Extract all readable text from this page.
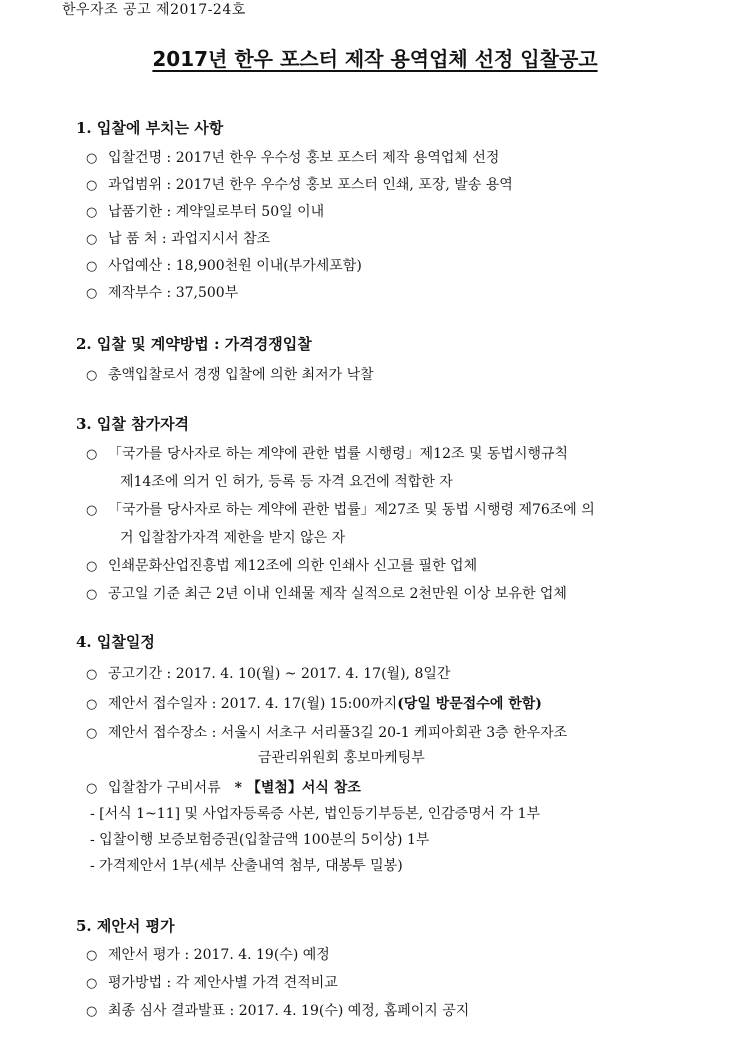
한우자조 공고 제2017-24호
2017년 한우 포스터 제작 용역업체 선정 입찰공고
1. 입찰에 부치는 사항
○ 입찰건명 : 2017년 한우 우수성 홍보 포스터 제작 용역업체 선정
○ 과업범위 : 2017년 한우 우수성 홍보 포스터 인쇄, 포장, 발송 용역
○ 납품기한 : 계약일로부터 50일 이내
○ 납 품 처 : 과업지시서 참조
○ 사업예산 : 18,900천원 이내(부가세포함)
○ 제작부수 : 37,500부
2. 입찰 및 계약방법 : 가격경쟁입찰
○ 총액입찰로서 경쟁 입찰에 의한 최저가 낙찰
3. 입찰 참가자격
○ 「국가를 당사자로 하는 계약에 관한 법률 시행령」제12조 및 동법시행규칙
제14조에 의거 인 허가, 등록 등 자격 요건에 적합한 자
○ 「국가를 당사자로 하는 계약에 관한 법률」제27조 및 동법 시행령 제76조에 의
거 입찰참가자격 제한을 받지 않은 자
○ 인쇄문화산업진흥법 제12조에 의한 인쇄사 신고를 필한 업체
○ 공고일 기준 최근 2년 이내 인쇄물 제작 실적으로 2천만원 이상 보유한 업체
4. 입찰일정
○ 공고기간 : 2017. 4. 10(월) ~ 2017. 4. 17(월), 8일간
○ 제안서 접수일자 : 2017. 4. 17(월) 15:00까지(당일 방문접수에 한함)
○ 제안서 접수장소 : 서울시 서초구 서리풀3길 20-1 케피아회관 3층 한우자조
금관리위원회 홍보마케팅부
○ 입찰참가 구비서류 * 【별첨】서식 참조
- [서식 1~11] 및 사업자등록증 사본, 법인등기부등본, 인감증명서 각 1부
- 입찰이행 보증보험증권(입찰금액 100분의 5이상) 1부
- 가격제안서 1부(세부 산출내역 첨부, 대봉투 밀봉)
5. 제안서 평가
○ 제안서 평가 : 2017. 4. 19(수) 예정
○ 평가방법 : 각 제안사별 가격 견적비교
○ 최종 심사 결과발표 : 2017. 4. 19(수) 예정, 홈페이지 공지
